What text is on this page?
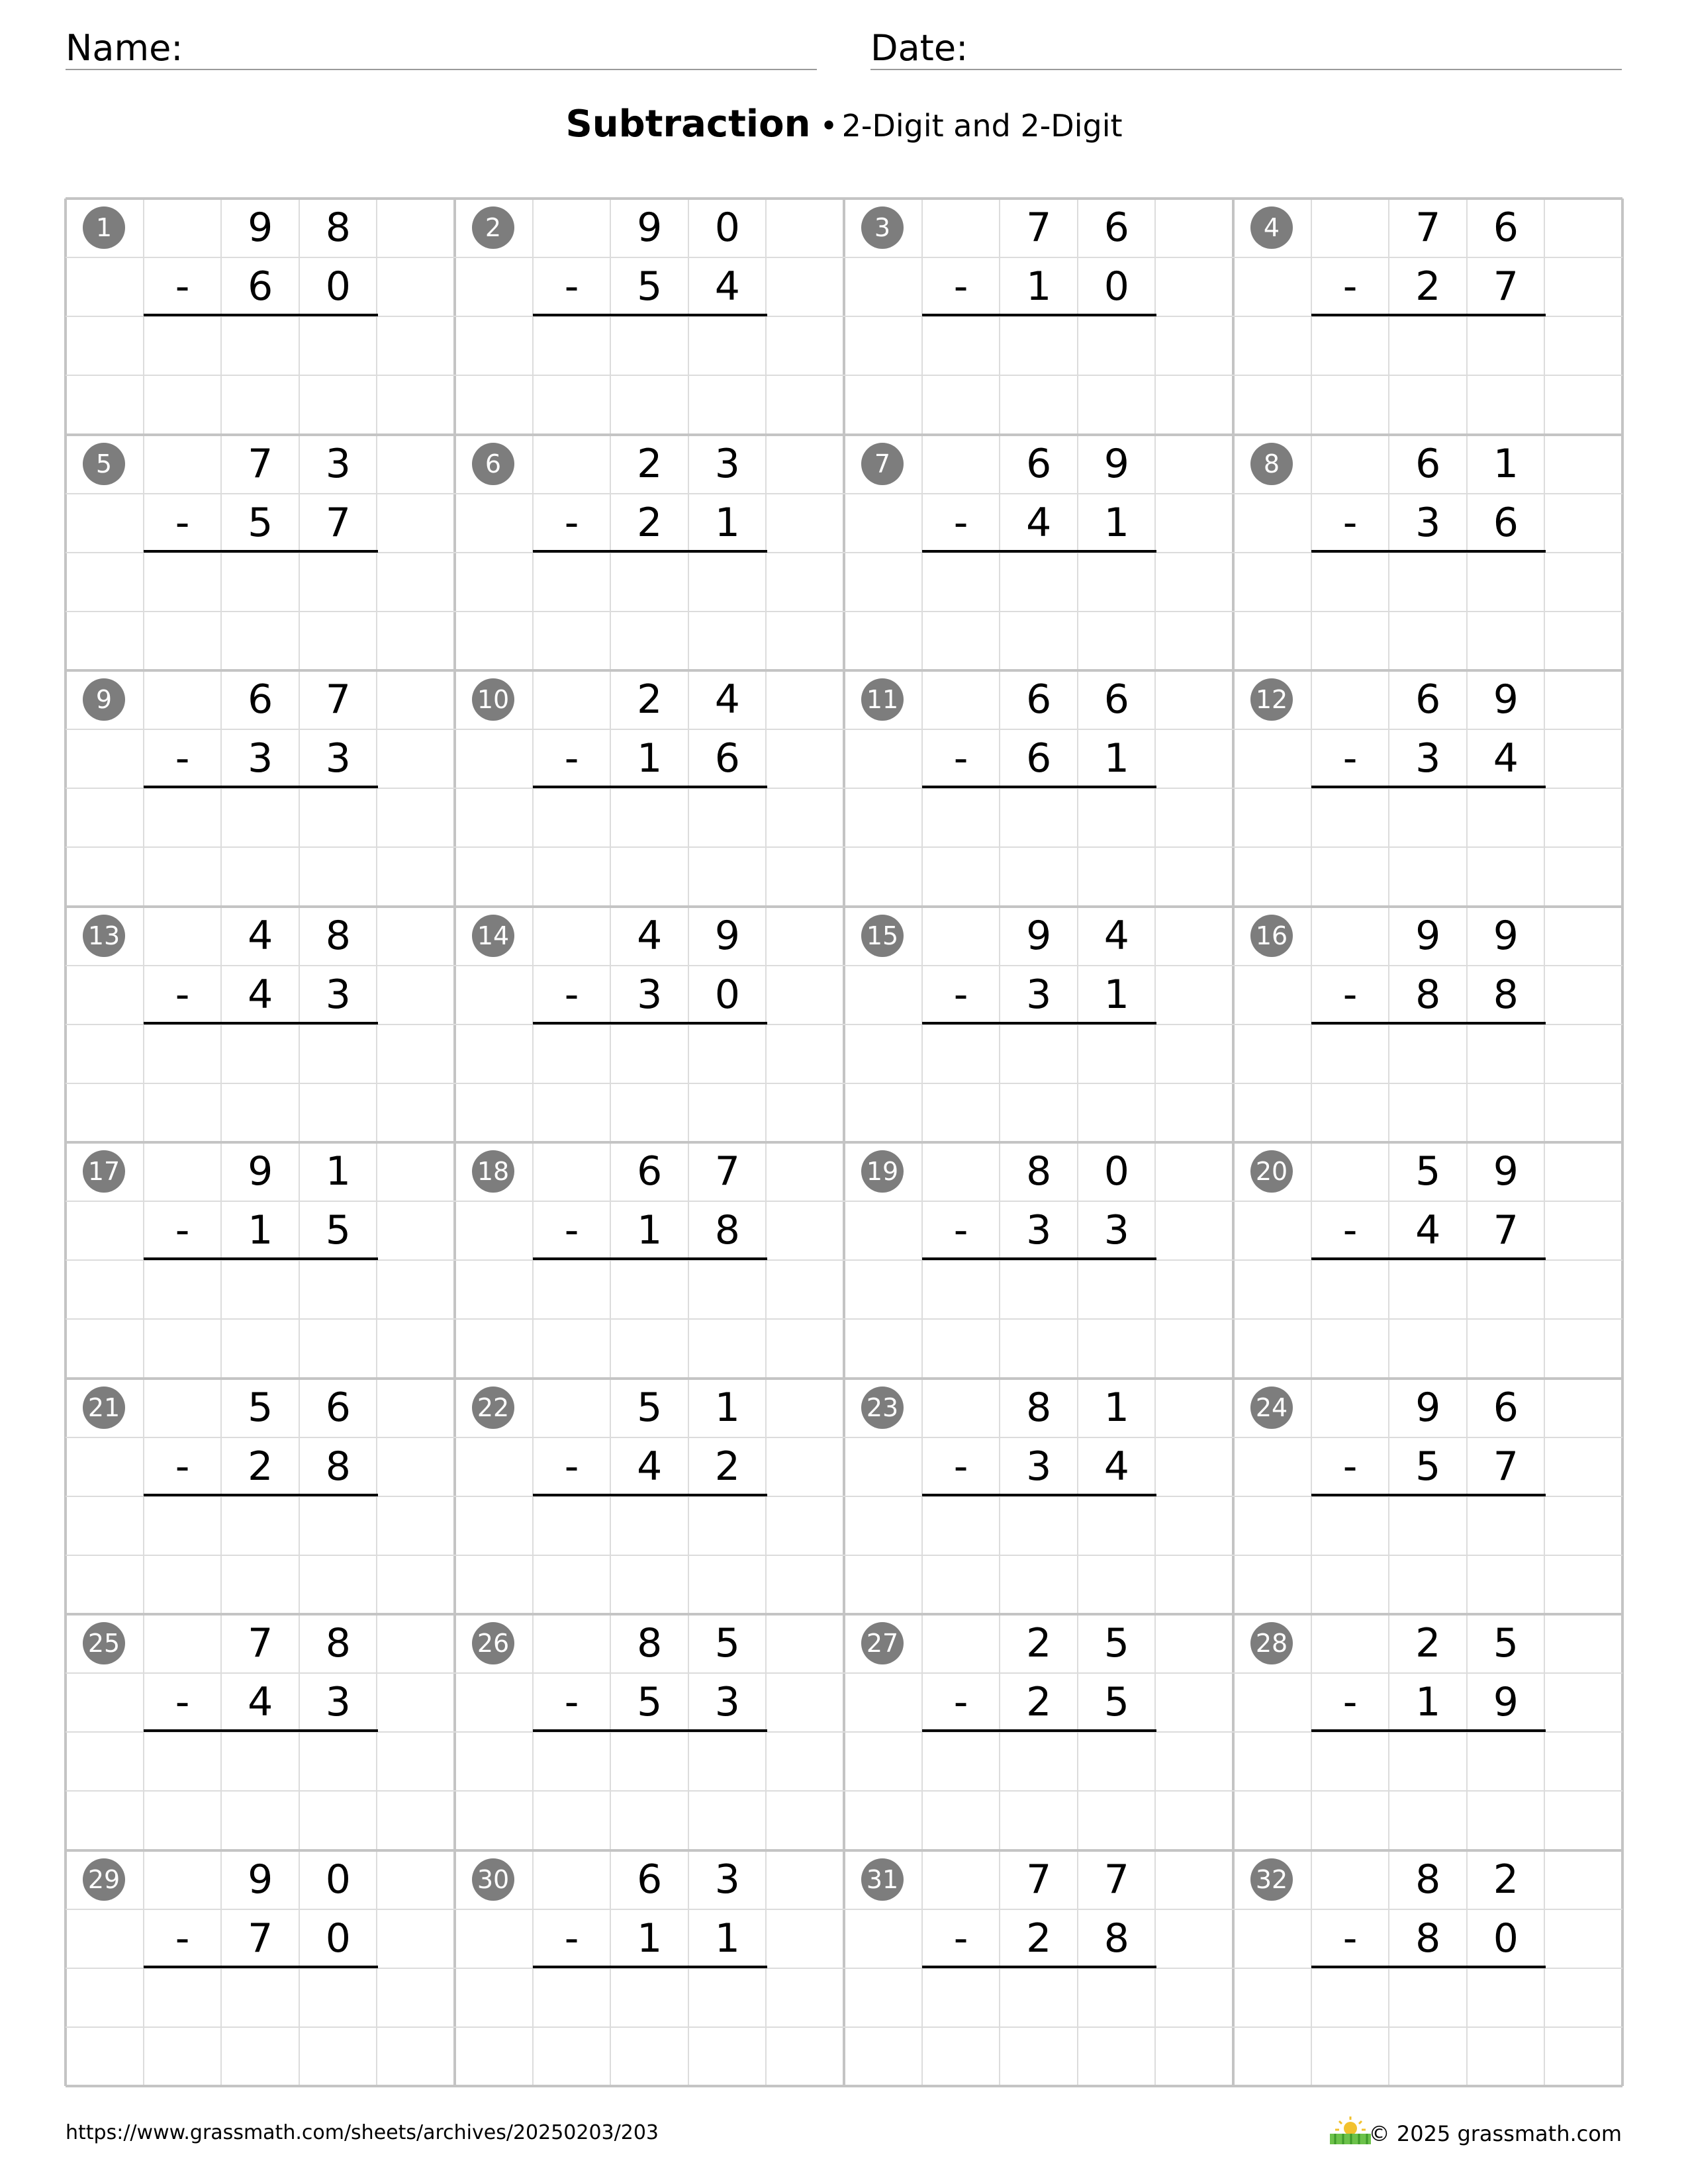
Name:	Date:
Subtraction • 2-Digit and 2-Digit
1	9	8
-	6	0
2	9	0
-	5	4
3	7	6
-	1	0
4	7	6
-	2	7
5	7	3
-	5	7
6	2	3
-	2	1
7	6	9
-	4	1
8	6	1
-	3	6
9	6	7
-	3	3
10	2	4
-	1	6
11	6	6
-	6	1
12	6	9
-	3	4
13	4	8
-	4	3
14	4	9
-	3	0
15	9	4
-	3	1
16	9	9
-	8	8
17	9	1
-	1	5
18	6	7
-	1	8
19	8	0
-	3	3
20	5	9
-	4	7
21	5	6
-	2	8
22	5	1
-	4	2
23	8	1
-	3	4
24	9	6
-	5	7
25	7	8
-	4	3
26	8	5
-	5	3
27	2	5
-	2	5
28	2	5
-	1	9
29	9	0
-	7	0
30	6	3
-	1	1
31	7	7
-	2	8
32	8	2
-	8	0
https://www.grassmath.com/sheets/archives/20250203/203	© 2025 grassmath.com
